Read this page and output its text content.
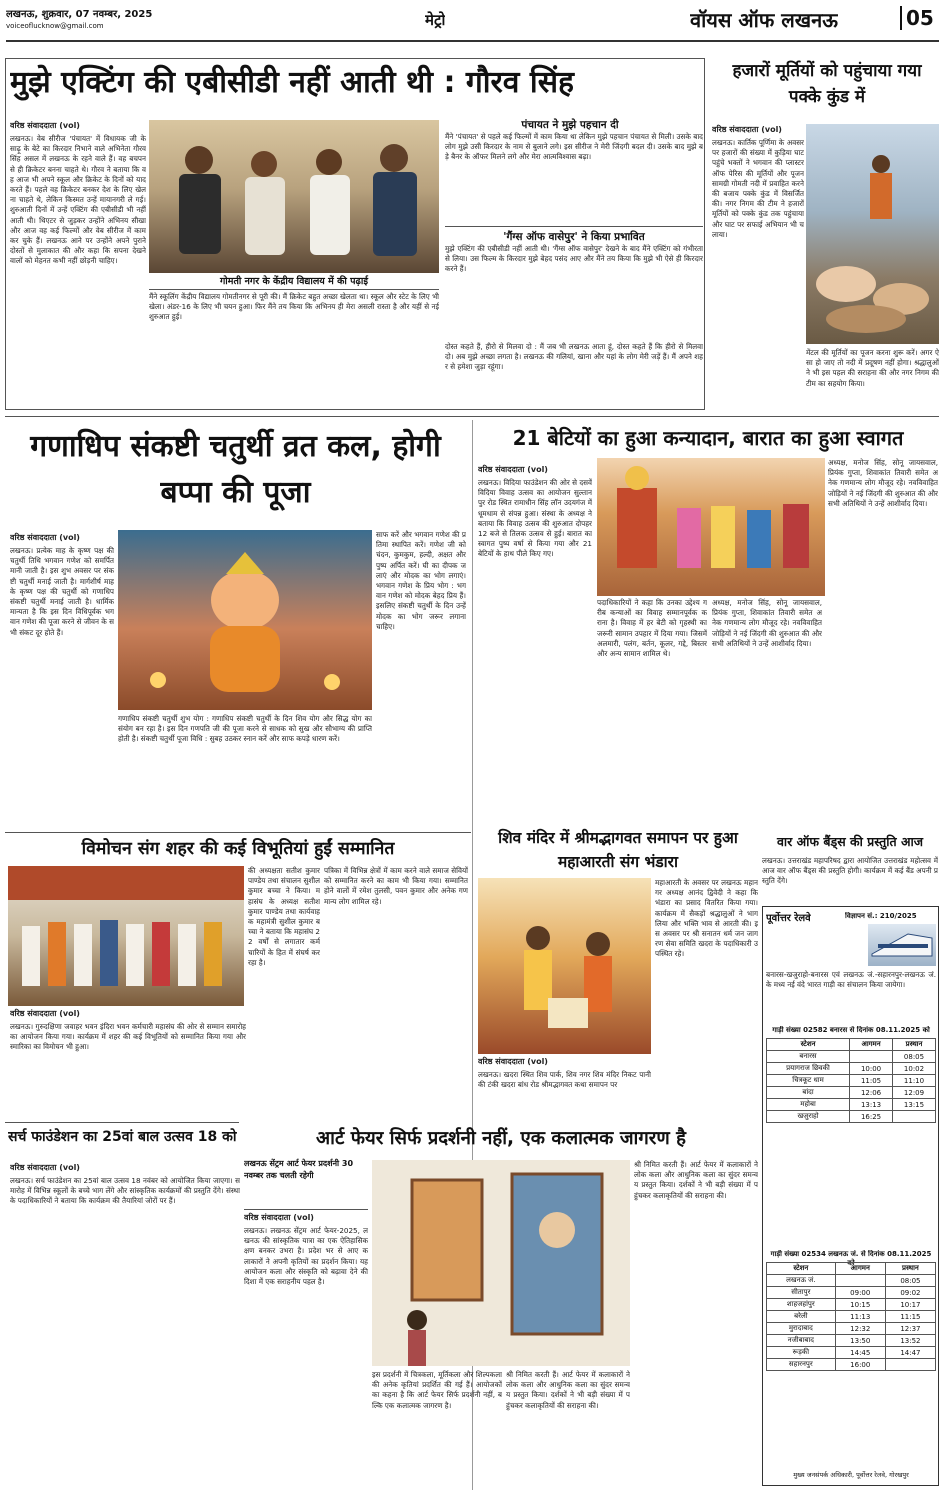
लखनऊ, शुक्रवार, 07 नवम्बर, 2025
voiceoflucknow@gmail.com	मेट्रो	वॉयस ऑफ लखनऊ	05
मुझे एक्टिंग की एबीसीडी नहीं आती थी : गौरव सिंह
वरिष्ठ संवाददाता (vol)
लखनऊ। वेब सीरीज 'पंचायत' में विधायक जी के साढ़ू के बेटे का किरदार निभाने वाले अभिनेता गौरव सिंह असल में लखनऊ के रहने वाले हैं। वह बचपन से ही क्रिकेटर बनना चाहते थे। गौरव ने बताया कि वह आज भी अपने स्कूल और क्रिकेट के दिनों को याद करते हैं। पहले वह क्रिकेटर बनकर देश के लिए खेलना चाहते थे, लेकिन किस्मत उन्हें मायानगरी ले गई। शुरुआती दिनों में उन्हें एक्टिंग की एबीसीडी भी नहीं आती थी। थिएटर से जुड़कर उन्होंने अभिनय सीखा और आज वह कई फिल्मों और वेब सीरीज में काम कर चुके हैं। लखनऊ आने पर उन्होंने अपने पुराने दोस्तों से मुलाकात की और कहा कि सपना देखने वालों को मेहनत कभी नहीं छोड़नी चाहिए।
गोमती नगर के केंद्रीय विद्यालय में की पढ़ाई
मैंने स्कूलिंग केंद्रीय विद्यालय गोमतीनगर से पूरी की। मैं क्रिकेट बहुत अच्छा खेलता था। स्कूल और स्टेट के लिए भी खेला। अंडर-16 के लिए भी चयन हुआ। फिर मैंने तय किया कि अभिनय ही मेरा असली रास्ता है और यहीं से नई शुरुआत हुई।
पंचायत ने मुझे पहचान दी
मैंने 'पंचायत' से पहले कई फिल्मों में काम किया था लेकिन मुझे पहचान पंचायत से मिली। उसके बाद लोग मुझे उसी किरदार के नाम से बुलाने लगे। इस सीरीज ने मेरी जिंदगी बदल दी। उसके बाद मुझे बड़े बैनर के ऑफर मिलने लगे और मेरा आत्मविश्वास बढ़ा।
'गैंग्स ऑफ वासेपुर' ने किया प्रभावित
मुझे एक्टिंग की एबीसीडी नहीं आती थी। 'गैंग्स ऑफ वासेपुर' देखने के बाद मैंने एक्टिंग को गंभीरता से लिया। उस फिल्म के किरदार मुझे बेहद पसंद आए और मैंने तय किया कि मुझे भी ऐसे ही किरदार करने हैं।
दोस्त कहते हैं, हीरो से मिलवा दो : मैं जब भी लखनऊ आता हूं, दोस्त कहते हैं कि हीरो से मिलवा दो। अब मुझे अच्छा लगता है। लखनऊ की गलियां, खाना और यहां के लोग मेरी जड़ें हैं। मैं अपने शहर से हमेशा जुड़ा रहूंगा।
हजारों मूर्तियों को पहुंचाया गया पक्के कुंड में
वरिष्ठ संवाददाता (vol)
लखनऊ। कार्तिक पूर्णिमा के अवसर पर हजारों की संख्या में कुड़िया घाट पहुंचे भक्तों ने भगवान की प्लास्टर ऑफ पेरिस की मूर्तियों और पूजन सामग्री गोमती नदी में प्रवाहित करने की बजाय पक्के कुंड में विसर्जित की। नगर निगम की टीम ने हजारों मूर्तियों को पक्के कुंड तक पहुंचाया और घाट पर सफाई अभियान भी चलाया।
मेंटल की मूर्तियों का पूजन करना शुरू करें। अगर ऐसा हो जाए तो नदी में प्रदूषण नहीं होगा। श्रद्धालुओं ने भी इस पहल की सराहना की और नगर निगम की टीम का सहयोग किया।
गणाधिप संकष्टी चतुर्थी व्रत कल, होगी बप्पा की पूजा
वरिष्ठ संवाददाता (vol)
लखनऊ। प्रत्येक माह के कृष्ण पक्ष की चतुर्थी तिथि भगवान गणेश को समर्पित मानी जाती है। इस शुभ अवसर पर संकष्टी चतुर्थी मनाई जाती है। मार्गशीर्ष माह के कृष्ण पक्ष की चतुर्थी को गणाधिप संकष्टी चतुर्थी मनाई जाती है। धार्मिक मान्यता है कि इस दिन विधिपूर्वक भगवान गणेश की पूजा करने से जीवन के सभी संकट दूर होते हैं।
गणाधिप संकष्टी चतुर्थी शुभ योग : गणाधिप संकष्टी चतुर्थी के दिन शिव योग और सिद्ध योग का संयोग बन रहा है। इस दिन गणपति जी की पूजा करने से साधक को सुख और सौभाग्य की प्राप्ति होती है। संकष्टी चतुर्थी पूजा विधि : सुबह उठकर स्नान करें और साफ कपड़े धारण करें।
साफ करें और भगवान गणेश की प्रतिमा स्थापित करें। गणेश जी को चंदन, कुमकुम, हल्दी, अक्षत और पुष्प अर्पित करें। घी का दीपक जलाएं और मोदक का भोग लगाएं। भगवान गणेश के प्रिय भोग : भगवान गणेश को मोदक बेहद प्रिय हैं। इसलिए संकष्टी चतुर्थी के दिन उन्हें मोदक का भोग जरूर लगाना चाहिए।
21 बेटियों का हुआ कन्यादान, बारात का हुआ स्वागत
वरिष्ठ संवाददाता (vol)
लखनऊ। विदिया फाउंडेशन की ओर से दसवें विदिया विवाह उत्सव का आयोजन सुल्तानपुर रोड स्थित रामाधीन सिंह लॉन उदयगंज में धूमधाम से संपन्न हुआ। संस्था के अध्यक्ष ने बताया कि विवाह उत्सव की शुरुआत दोपहर 12 बजे से तिलक उत्सव से हुई। बारात का स्वागत पुष्प वर्षा से किया गया और 21 बेटियों के हाथ पीले किए गए।
पदाधिकारियों ने कहा कि उनका उद्देश्य गरीब कन्याओं का विवाह सम्मानपूर्वक कराना है। विवाह में हर बेटी को गृहस्थी का जरूरी सामान उपहार में दिया गया। जिसमें अलमारी, पलंग, बर्तन, कूलर, गद्दे, बिस्तर और अन्य सामान शामिल थे।
अध्यक्ष, मनोज सिंह, सोनू जायसवाल, प्रियंक गुप्ता, शिवाकांत तिवारी समेत अनेक गणमान्य लोग मौजूद रहे। नवविवाहित जोड़ियों ने नई जिंदगी की शुरुआत की और सभी अतिथियों ने उन्हें आशीर्वाद दिया।
अध्यक्ष, मनोज सिंह, सोनू जायसवाल, प्रियंक गुप्ता, शिवाकांत तिवारी समेत अनेक गणमान्य लोग मौजूद रहे। नवविवाहित जोड़ियों ने नई जिंदगी की शुरुआत की और सभी अतिथियों ने उन्हें आशीर्वाद दिया।
विमोचन संग शहर की कई विभूतियां हुईं सम्मानित
वरिष्ठ संवाददाता (vol)
लखनऊ। गुरुदक्षिणा जवाहर भवन इंदिरा भवन कर्मचारी महासंघ की ओर से सम्मान समारोह का आयोजन किया गया। कार्यक्रम में शहर की कई विभूतियों को सम्मानित किया गया और स्मारिका का विमोचन भी हुआ।
की अध्यक्षता सतीश कुमार पाण्डेय तथा संचालन सुशील कुमार बच्चा ने किया। महासंघ के अध्यक्ष सतीश कुमार पाण्डेय तथा कार्यवाहक महामंत्री सुशील कुमार बच्चा ने बताया कि महासंघ 22 वर्षों से लगातार कर्मचारियों के हित में संघर्ष कर रहा है।
पत्रिका में विभिन्न क्षेत्रों में काम करने वाले समाज सेवियों को सम्मानित करने का काम भी किया गया। सम्मानित होने वालों में रमेश तुलसी, पवन कुमार और अनेक गणमान्य लोग शामिल रहे।
शिव मंदिर में श्रीमद्भागवत समापन पर हुआ महाआरती संग भंडारा
वरिष्ठ संवाददाता (vol)
लखनऊ। खदरा स्थित शिव पार्क, शिव नगर शिव मंदिर निकट पानी की टंकी खदरा बांध रोड श्रीमद्भागवत कथा समापन पर
महाआरती के अवसर पर लखनऊ महानगर अध्यक्ष आनंद द्विवेदी ने कहा कि भंडारा का प्रसाद वितरित किया गया। कार्यक्रम में सैकड़ों श्रद्धालुओं ने भाग लिया और भक्ति भाव से आरती की। इस अवसर पर श्री सनातन धर्म जन जागरण सेवा समिति खदरा के पदाधिकारी उपस्थित रहे।
वार ऑफ बैंड्स की प्रस्तुति आज
लखनऊ। उत्तराखंड महापरिषद द्वारा आयोजित उत्तराखंड महोत्सव में आज वार ऑफ बैंड्स की प्रस्तुति होगी। कार्यक्रम में कई बैंड अपनी प्रस्तुति देंगे।
पूर्वोत्तर रेलवे	विज्ञापन सं.: 210/2025
बनारस-खजुराहो-बनारस एवं लखनऊ जं.-सहारनपुर-लखनऊ जं. के मध्य नई वंदे भारत गाड़ी का संचालन किया जायेगा।
गाड़ी संख्या 02582 बनारस से दिनांक 08.11.2025 को
स्टेशन	आगमन	प्रस्थान
बनारस		08:05
प्रयागराज छिवकी	10:00	10:02
चित्रकूट धाम	11:05	11:10
बांदा	12:06	12:09
महोबा	13:13	13:15
खजुराहो	16:25	
गाड़ी संख्या 02534 लखनऊ जं. से दिनांक 08.11.2025 को
स्टेशन	आगमन	प्रस्थान
लखनऊ जं.		08:05
सीतापुर	09:00	09:02
शाहजहांपुर	10:15	10:17
बरेली	11:13	11:15
मुरादाबाद	12:32	12:37
नजीबाबाद	13:50	13:52
रूड़की	14:45	14:47
सहारनपुर	16:00	
मुख्य जनसंपर्क अधिकारी, पूर्वोत्तर रेलवे, गोरखपुर
सर्च फाउंडेशन का 25वां बाल उत्सव 18 को
वरिष्ठ संवाददाता (vol)
लखनऊ। सर्च फाउंडेशन का 25वां बाल उत्सव 18 नवंबर को आयोजित किया जाएगा। समारोह में विभिन्न स्कूलों के बच्चे भाग लेंगे और सांस्कृतिक कार्यक्रमों की प्रस्तुति देंगे। संस्था के पदाधिकारियों ने बताया कि कार्यक्रम की तैयारियां जोरों पर हैं।
आर्ट फेयर सिर्फ प्रदर्शनी नहीं, एक कलात्मक जागरण है
लखनऊ सेंट्रम आर्ट फेयर प्रदर्शनी 30 नवम्बर तक चलती रहेगी
वरिष्ठ संवाददाता (vol)
लखनऊ। लखनऊ सेंट्रम आर्ट फेयर-2025, लखनऊ की सांस्कृतिक यात्रा का एक ऐतिहासिक क्षण बनकर उभरा है। प्रदेश भर से आए कलाकारों ने अपनी कृतियों का प्रदर्शन किया। यह आयोजन कला और संस्कृति को बढ़ावा देने की दिशा में एक सराहनीय पहल है।
इस प्रदर्शनी में चित्रकला, मूर्तिकला और शिल्पकला की अनेक कृतियां प्रदर्शित की गई हैं। आयोजकों का कहना है कि आर्ट फेयर सिर्फ प्रदर्शनी नहीं, बल्कि एक कलात्मक जागरण है।
श्री निमित करती हैं। आर्ट फेयर में कलाकारों ने लोक कला और आधुनिक कला का सुंदर समन्वय प्रस्तुत किया। दर्शकों ने भी बड़ी संख्या में पहुंचकर कलाकृतियों की सराहना की।
श्री निमित करती हैं। आर्ट फेयर में कलाकारों ने लोक कला और आधुनिक कला का सुंदर समन्वय प्रस्तुत किया। दर्शकों ने भी बड़ी संख्या में पहुंचकर कलाकृतियों की सराहना की।
